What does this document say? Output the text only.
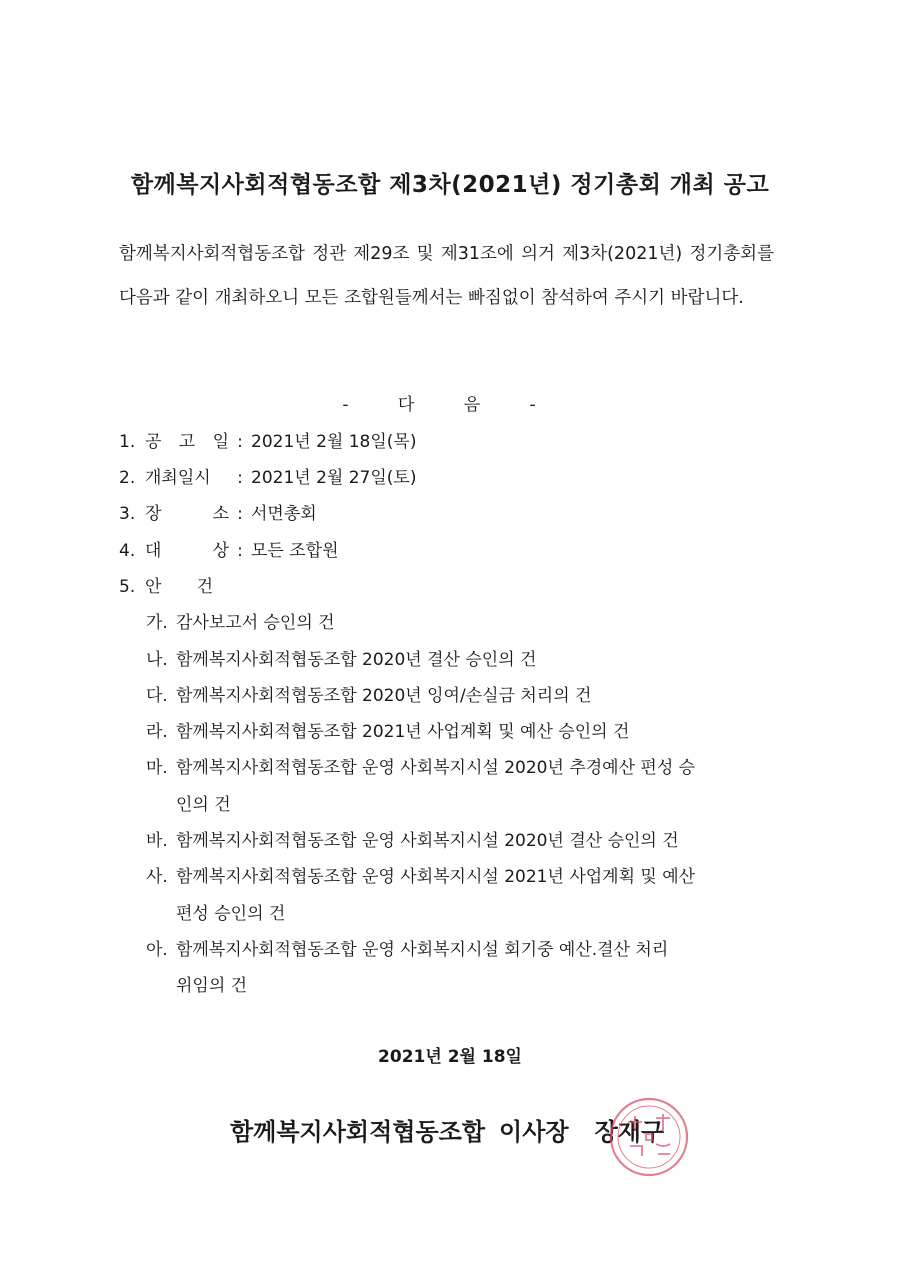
함께복지사회적협동조합 제3차(2021년) 정기총회 개최 공고

함께복지사회적협동조합 정관 제29조 및 제31조에 의거 제3차(2021년) 정기총회를 다음과 같이 개최하오니 모든 조합원들께서는 빠짐없이 참석하여 주시기 바랍니다.

- 다 음 -
1. 공 고 일 : 2021년 2월 18일(목)
2. 개최일시 : 2021년 2월 27일(토)
3. 장 소 : 서면총회
4. 대 상 : 모든 조합원
5. 안 건
가. 감사보고서 승인의 건
나. 함께복지사회적협동조합 2020년 결산 승인의 건
다. 함께복지사회적협동조합 2020년 잉여/손실금 처리의 건
라. 함께복지사회적협동조합 2021년 사업계획 및 예산 승인의 건
마. 함께복지사회적협동조합 운영 사회복지시설 2020년 추경예산 편성 승
인의 건
바. 함께복지사회적협동조합 운영 사회복지시설 2020년 결산 승인의 건
사. 함께복지사회적협동조합 운영 사회복지시설 2021년 사업계획 및 예산
편성 승인의 건
아. 함께복지사회적협동조합 운영 사회복지시설 회기중 예산.결산 처리
위임의 건
2021년 2월 18일
함께복지사회적협동조합 이사장 장재구
